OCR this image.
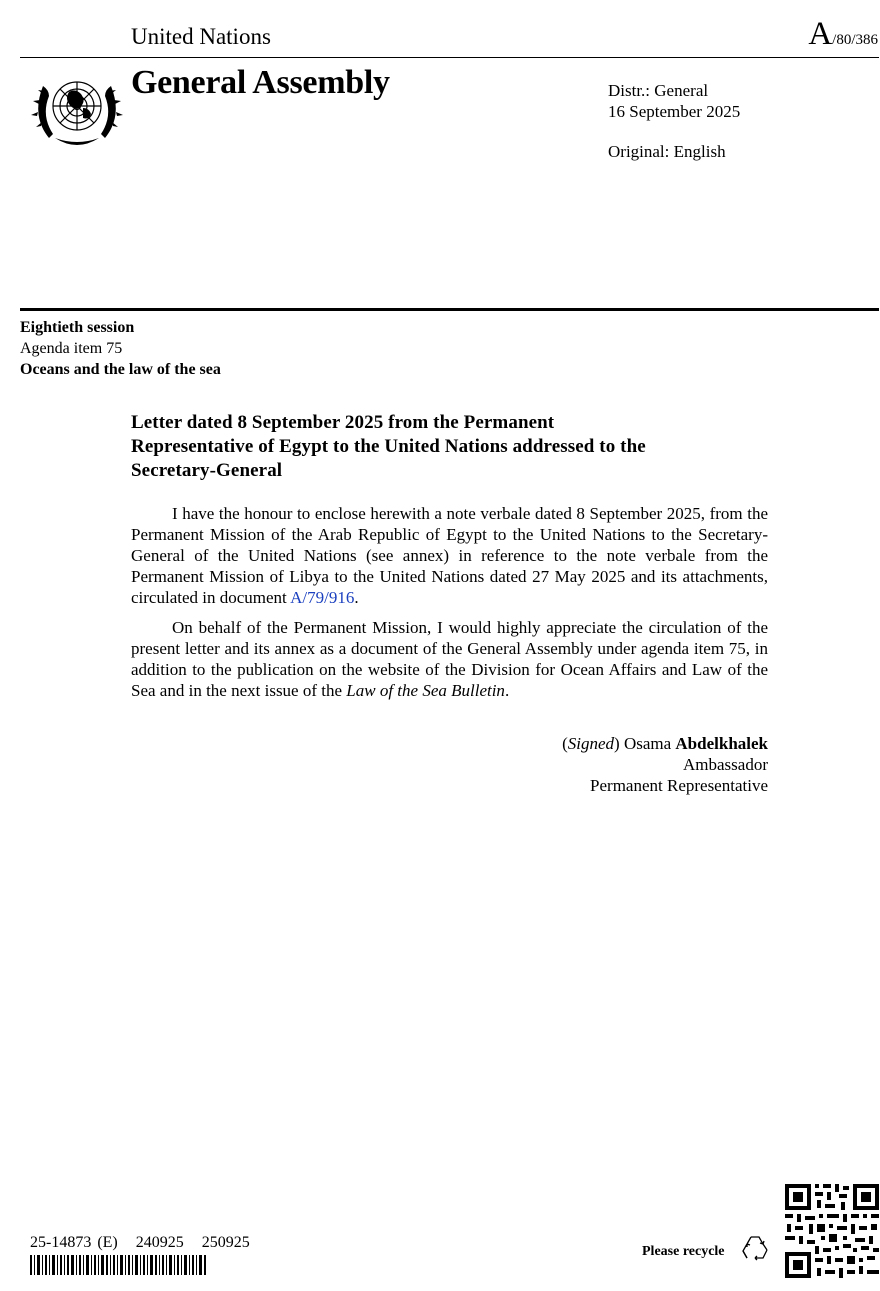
United Nations	A/80/386
General Assembly	Distr.: General
16 September 2025
Original: English
Eightieth session
Agenda item 75
Oceans and the law of the sea
Letter dated 8 September 2025 from the Permanent
Representative of Egypt to the United Nations addressed to the
Secretary-General
I have the honour to enclose herewith a note verbale dated 8 September 2025, from the Permanent Mission of the Arab Republic of Egypt to the United Nations to the Secretary-General of the United Nations (see annex) in reference to the note verbale from the Permanent Mission of Libya to the United Nations dated 27 May 2025 and its attachments, circulated in document A/79/916.
On behalf of the Permanent Mission, I would highly appreciate the circulation of the present letter and its annex as a document of the General Assembly under agenda item 75, in addition to the publication on the website of the Division for Ocean Affairs and Law of the Sea and in the next issue of the Law of the Sea Bulletin.
(Signed) Osama Abdelkhalek
Ambassador
Permanent Representative
25-14873 (E) 240925 250925
Please recycle
